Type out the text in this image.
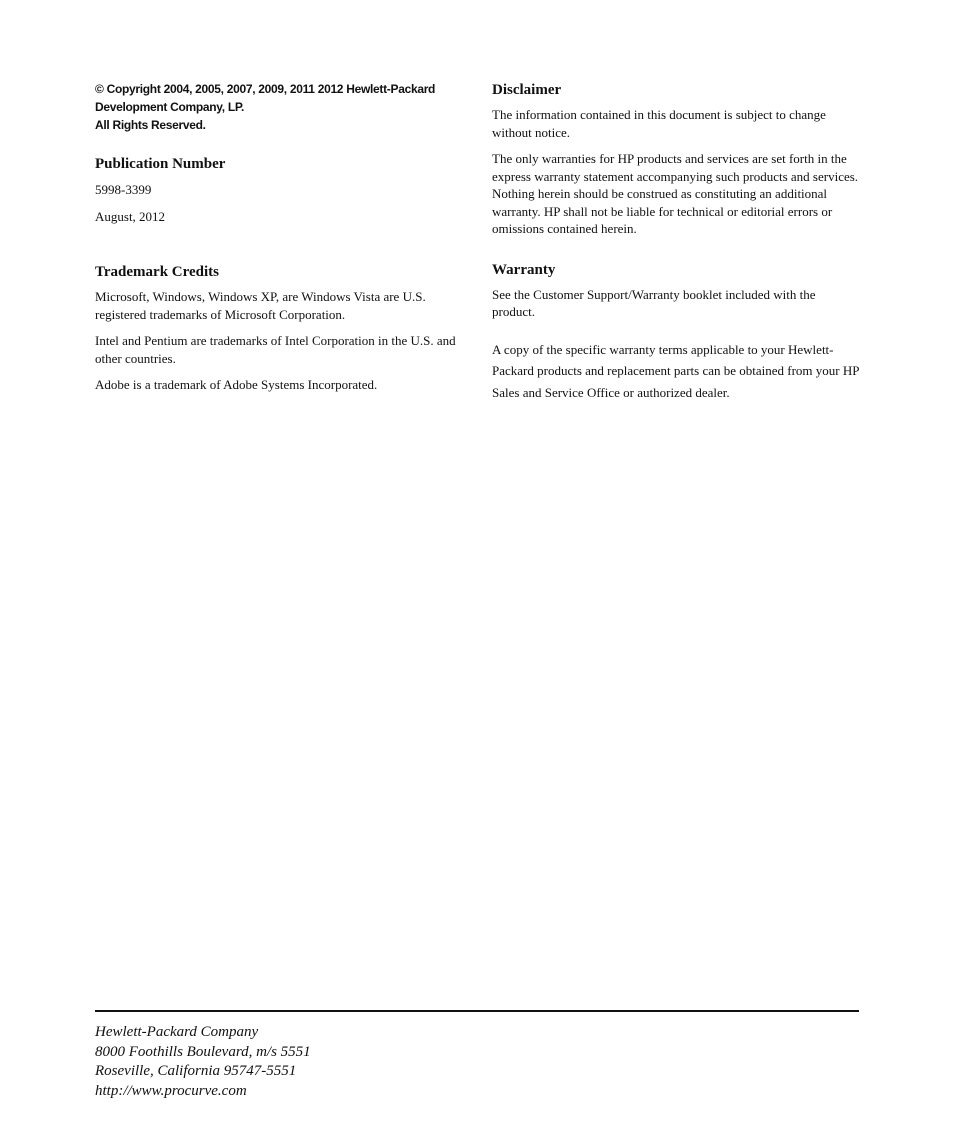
© Copyright 2004, 2005, 2007, 2009, 2011 2012 Hewlett-Packard
Development Company, LP.
All Rights Reserved.
Publication Number

5998-3399

August, 2012

Trademark Credits

Microsoft, Windows, Windows XP, are Windows Vista are U.S. registered trademarks of Microsoft Corporation.

Intel and Pentium are trademarks of Intel Corporation in the U.S. and other countries.

Adobe is a trademark of Adobe Systems Incorporated.

Disclaimer

The information contained in this document is subject to change without notice.

The only warranties for HP products and services are set forth in the express warranty statement accompanying such products and services. Nothing herein should be construed as constituting an additional warranty. HP shall not be liable for technical or editorial errors or omissions contained herein.

Warranty

See the Customer Support/Warranty booklet included with the product.

A copy of the specific warranty terms applicable to your Hewlett-Packard products and replacement parts can be obtained from your HP Sales and Service Office or authorized dealer.

Hewlett-Packard Company
8000 Foothills Boulevard, m/s 5551
Roseville, California 95747-5551
http://www.procurve.com
